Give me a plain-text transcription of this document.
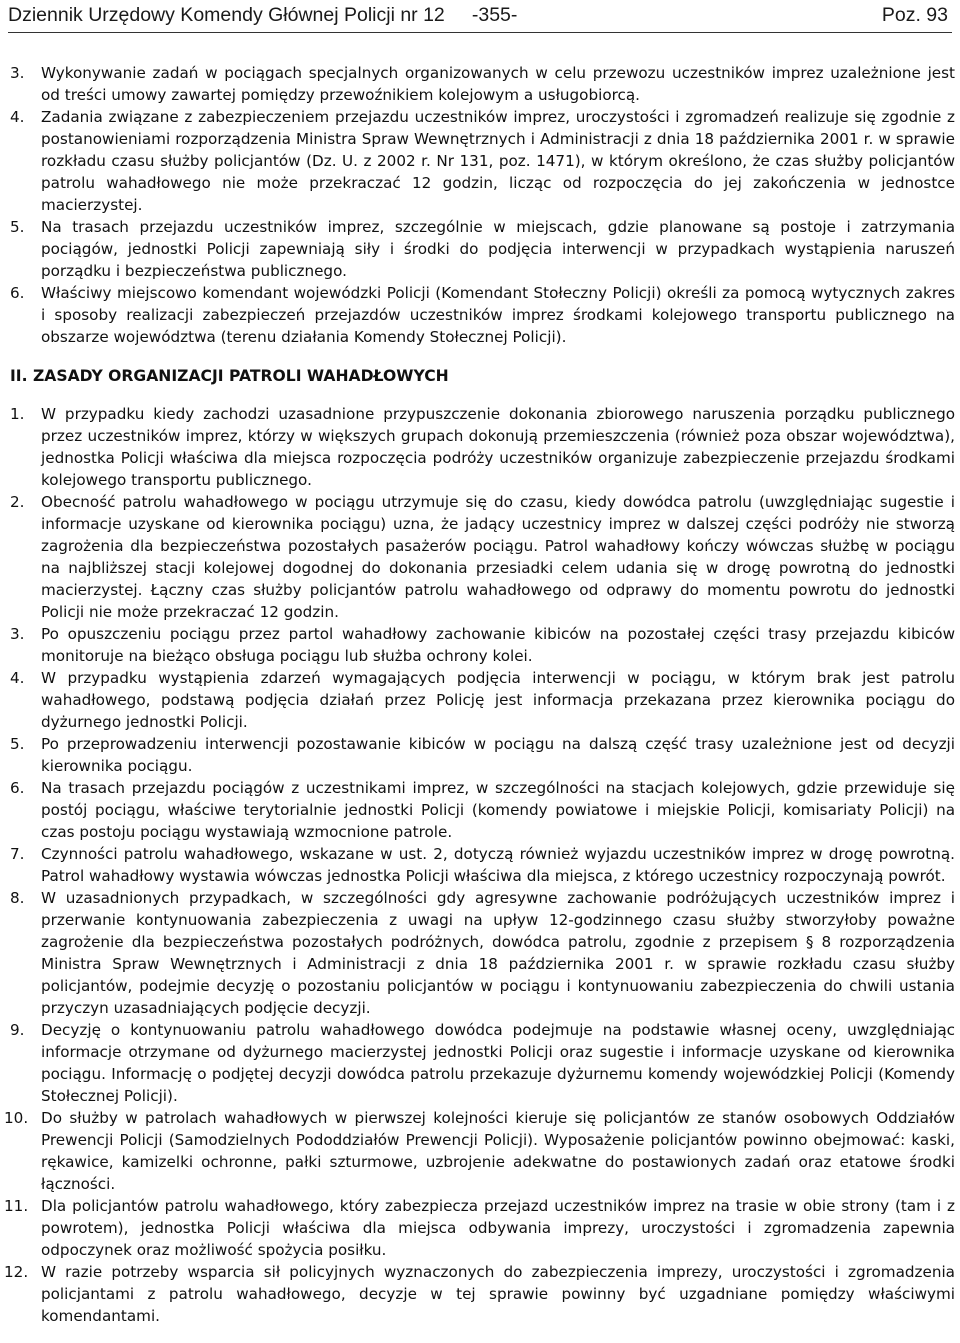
Dziennik Urzędowy Komendy Głównej Policji nr 12     -355-	Poz. 93
3. Wykonywanie zadań w pociągach specjalnych organizowanych w celu przewozu uczestników imprez uzależnione jest od treści umowy zawartej pomiędzy przewoźnikiem kolejowym a usługobiorcą.
4. Zadania związane z zabezpieczeniem przejazdu uczestników imprez, uroczystości i zgromadzeń realizuje się zgodnie z postanowieniami rozporządzenia Ministra Spraw Wewnętrznych i Administracji z dnia 18 października 2001 r. w sprawie rozkładu czasu służby policjantów (Dz. U. z 2002 r. Nr 131, poz. 1471), w którym określono, że czas służby policjantów patrolu wahadłowego nie może przekraczać 12 godzin, licząc od rozpoczęcia do jej zakończenia w jednostce macierzystej.
5. Na trasach przejazdu uczestników imprez, szczególnie w miejscach, gdzie planowane są postoje i zatrzymania pociągów, jednostki Policji zapewniają siły i środki do podjęcia interwencji w przypadkach wystąpienia naruszeń porządku i bezpieczeństwa publicznego.
6. Właściwy miejscowo komendant wojewódzki Policji (Komendant Stołeczny Policji) określi za pomocą wytycznych zakres i sposoby realizacji zabezpieczeń przejazdów uczestników imprez środkami kolejowego transportu publicznego na obszarze województwa (terenu działania Komendy Stołecznej Policji).
II. ZASADY ORGANIZACJI PATROLI WAHADŁOWYCH
1. W przypadku kiedy zachodzi uzasadnione przypuszczenie dokonania zbiorowego naruszenia porządku publicznego przez uczestników imprez, którzy w większych grupach dokonują przemieszczenia (również poza obszar województwa), jednostka Policji właściwa dla miejsca rozpoczęcia podróży uczestników organizuje zabezpieczenie przejazdu środkami kolejowego transportu publicznego.
2. Obecność patrolu wahadłowego w pociągu utrzymuje się do czasu, kiedy dowódca patrolu (uwzględniając sugestie i informacje uzyskane od kierownika pociągu) uzna, że jadący uczestnicy imprez w dalszej części podróży nie stworzą zagrożenia dla bezpieczeństwa pozostałych pasażerów pociągu. Patrol wahadłowy kończy wówczas służbę w pociągu na najbliższej stacji kolejowej dogodnej do dokonania przesiadki celem udania się w drogę powrotną do jednostki macierzystej. Łączny czas służby policjantów patrolu wahadłowego od odprawy do momentu powrotu do jednostki Policji nie może przekraczać 12 godzin.
3. Po opuszczeniu pociągu przez partol wahadłowy zachowanie kibiców na pozostałej części trasy przejazdu kibiców monitoruje na bieżąco obsługa pociągu lub służba ochrony kolei.
4. W przypadku wystąpienia zdarzeń wymagających podjęcia interwencji w pociągu, w którym brak jest patrolu wahadłowego, podstawą podjęcia działań przez Policję jest informacja przekazana przez kierownika pociągu do dyżurnego jednostki Policji.
5. Po przeprowadzeniu interwencji pozostawanie kibiców w pociągu na dalszą część trasy uzależnione jest od decyzji kierownika pociągu.
6. Na trasach przejazdu pociągów z uczestnikami imprez, w szczególności na stacjach kolejowych, gdzie przewiduje się postój pociągu, właściwe terytorialnie jednostki Policji (komendy powiatowe i miejskie Policji, komisariaty Policji) na czas postoju pociągu wystawiają wzmocnione patrole.
7. Czynności patrolu wahadłowego, wskazane w ust. 2, dotyczą również wyjazdu uczestników imprez w drogę powrotną. Patrol wahadłowy wystawia wówczas jednostka Policji właściwa dla miejsca, z którego uczestnicy rozpoczynają powrót.
8. W uzasadnionych przypadkach, w szczególności gdy agresywne zachowanie podróżujących uczestników imprez i przerwanie kontynuowania zabezpieczenia z uwagi na upływ 12-godzinnego czasu służby stworzyłoby poważne zagrożenie dla bezpieczeństwa pozostałych podróżnych, dowódca patrolu, zgodnie z przepisem § 8 rozporządzenia Ministra Spraw Wewnętrznych i Administracji z dnia 18 października 2001 r. w sprawie rozkładu czasu służby policjantów, podejmie decyzję o pozostaniu policjantów w pociągu i kontynuowaniu zabezpieczenia do chwili ustania przyczyn uzasadniających podjęcie decyzji.
9. Decyzję o kontynuowaniu patrolu wahadłowego dowódca podejmuje na podstawie własnej oceny, uwzględniając informacje otrzymane od dyżurnego macierzystej jednostki Policji oraz sugestie i informacje uzyskane od kierownika pociągu. Informację o podjętej decyzji dowódca patrolu przekazuje dyżurnemu komendy wojewódzkiej Policji (Komendy Stołecznej Policji).
10. Do służby w patrolach wahadłowych w pierwszej kolejności kieruje się policjantów ze stanów osobowych Oddziałów Prewencji Policji (Samodzielnych Pododdziałów Prewencji Policji). Wyposażenie policjantów powinno obejmować: kaski, rękawice, kamizelki ochronne, pałki szturmowe, uzbrojenie adekwatne do postawionych zadań oraz etatowe środki łączności.
11. Dla policjantów patrolu wahadłowego, który zabezpiecza przejazd uczestników imprez na trasie w obie strony (tam i z powrotem), jednostka Policji właściwa dla miejsca odbywania imprezy, uroczystości i zgromadzenia zapewnia odpoczynek oraz możliwość spożycia posiłku.
12. W razie potrzeby wsparcia sił policyjnych wyznaczonych do zabezpieczenia imprezy, uroczystości i zgromadzenia policjantami z patrolu wahadłowego, decyzje w tej sprawie powinny być uzgadniane pomiędzy właściwymi komendantami.
